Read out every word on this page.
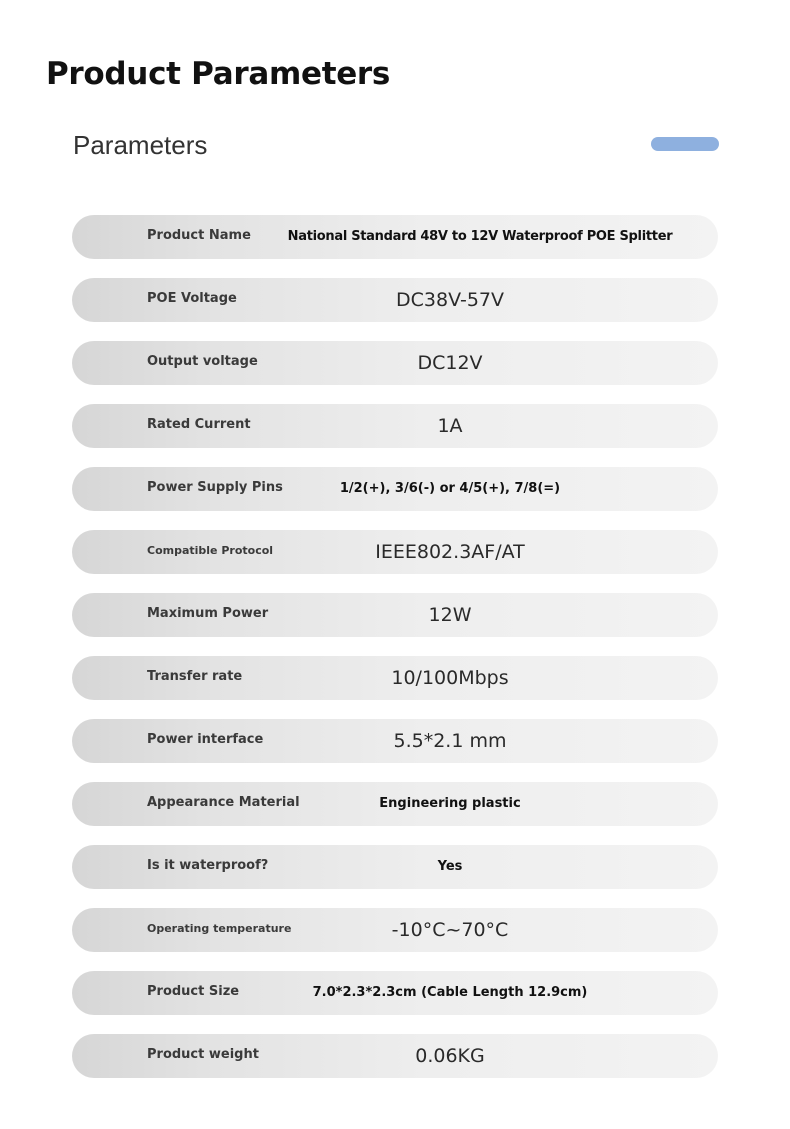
Product Parameters
Parameters
Product Name	National Standard 48V to 12V Waterproof POE Splitter
POE Voltage	DC38V-57V
Output voltage	DC12V
Rated Current	1A
Power Supply Pins	1/2(+), 3/6(-) or 4/5(+), 7/8(=)
Compatible Protocol	IEEE802.3AF/AT
Maximum Power	12W
Transfer rate	10/100Mbps
Power interface	5.5*2.1 mm
Appearance Material	Engineering plastic
Is it waterproof?	Yes
Operating temperature	-10°C~70°C
Product Size	7.0*2.3*2.3cm (Cable Length 12.9cm)
Product weight	0.06KG
